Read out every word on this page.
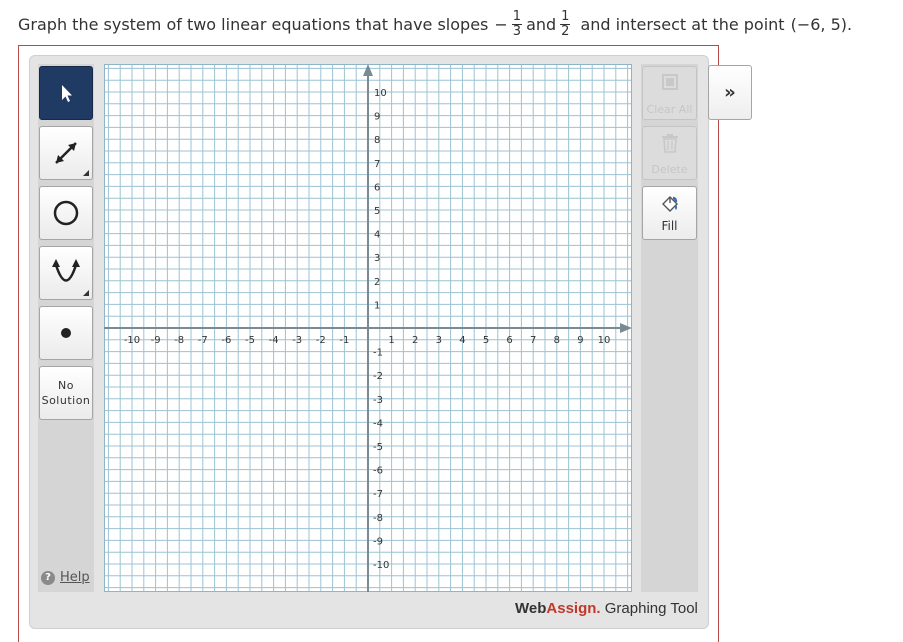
Graph the system of two linear equations that have slopes − $\frac{1}{3}$ and $\frac{1}{2}$ and intersect at the point (−6, 5).
No
Solution
Clear All
Delete
Fill
»
? Help
-10 -9 -8 -7 -6 -5 -4 -3 -2 -1	1 2 3 4 5 6 7 8 9 10
1
2
3
4
5
6
7
8
9
10
-1
-2
-3
-4
-5
-6
-7
-8
-9
-10
WebAssign. Graphing Tool
